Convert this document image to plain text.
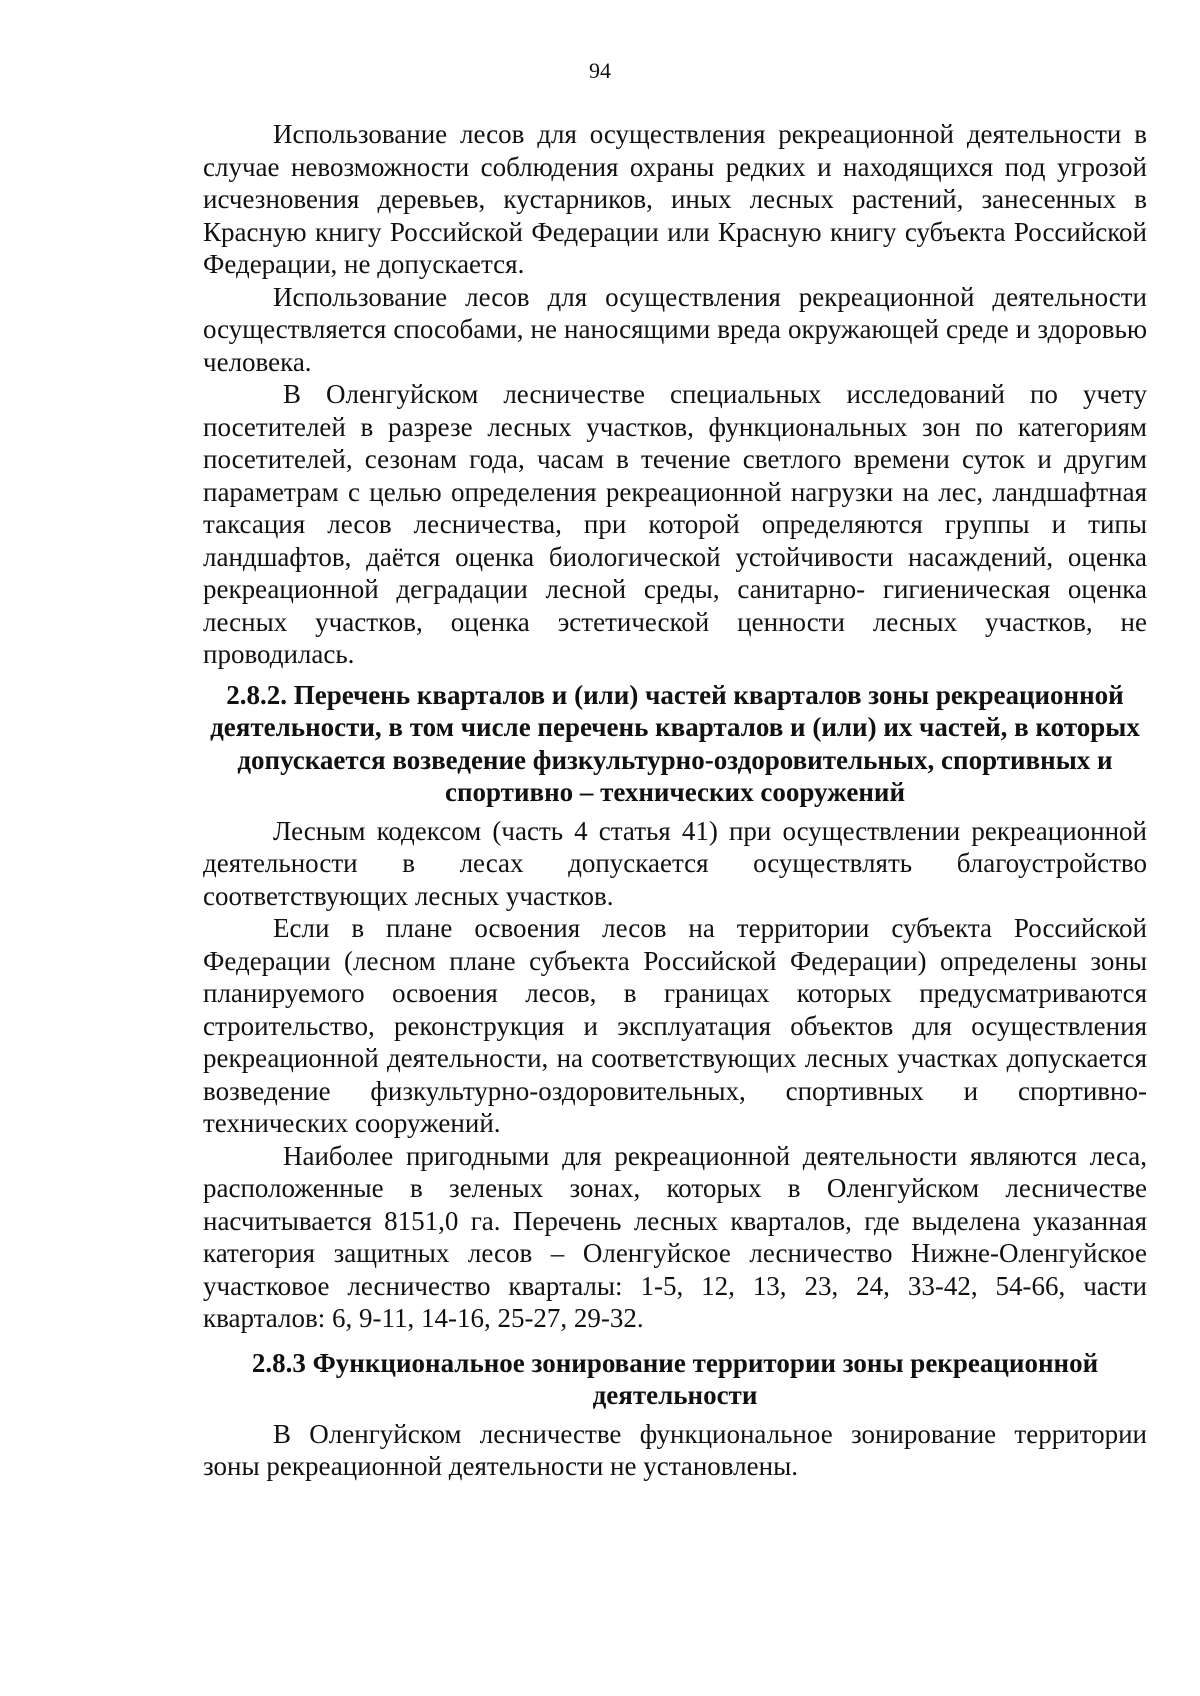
94

Использование лесов для осуществления рекреационной деятельности в случае невозможности соблюдения охраны редких и находящихся под угрозой исчезновения деревьев, кустарников, иных лесных растений, занесенных в Красную книгу Российской Федерации или Красную книгу субъекта Российской Федерации, не допускается.

Использование лесов для осуществления рекреационной деятельности осуществляется способами, не наносящими вреда окружающей среде и здоровью человека.

В Оленгуйском лесничестве специальных исследований по учету посетителей в разрезе лесных участков, функциональных зон по категориям посетителей, сезонам года, часам в течение светлого времени суток и другим параметрам с целью определения рекреационной нагрузки на лес, ландшафтная таксация лесов лесничества, при которой определяются группы и типы ландшафтов, даётся оценка биологической устойчивости насаждений, оценка рекреационной деградации лесной среды, санитарно- гигиеническая оценка лесных участков, оценка эстетической ценности лесных участков, не проводилась.

2.8.2. Перечень кварталов и (или) частей кварталов зоны рекреационной деятельности, в том числе перечень кварталов и (или) их частей, в которых допускается возведение физкультурно-оздоровительных, спортивных и спортивно – технических сооружений

Лесным кодексом (часть 4 статья 41) при осуществлении рекреационной деятельности в лесах допускается осуществлять благоустройство соответствующих лесных участков.

Если в плане освоения лесов на территории субъекта Российской Федерации (лесном плане субъекта Российской Федерации) определены зоны планируемого освоения лесов, в границах которых предусматриваются строительство, реконструкция и эксплуатация объектов для осуществления рекреационной деятельности, на соответствующих лесных участках допускается возведение физкультурно-оздоровительных, спортивных и спортивно-технических сооружений.

Наиболее пригодными для рекреационной деятельности являются леса, расположенные в зеленых зонах, которых в Оленгуйском лесничестве насчитывается 8151,0 га. Перечень лесных кварталов, где выделена указанная категория защитных лесов – Оленгуйское лесничество Нижне-Оленгуйское участковое лесничество кварталы: 1-5, 12, 13, 23, 24, 33-42, 54-66, части кварталов: 6, 9-11, 14-16, 25-27, 29-32.

2.8.3 Функциональное зонирование территории зоны рекреационной деятельности

В Оленгуйском лесничестве функциональное зонирование территории зоны рекреационной деятельности не установлены.
